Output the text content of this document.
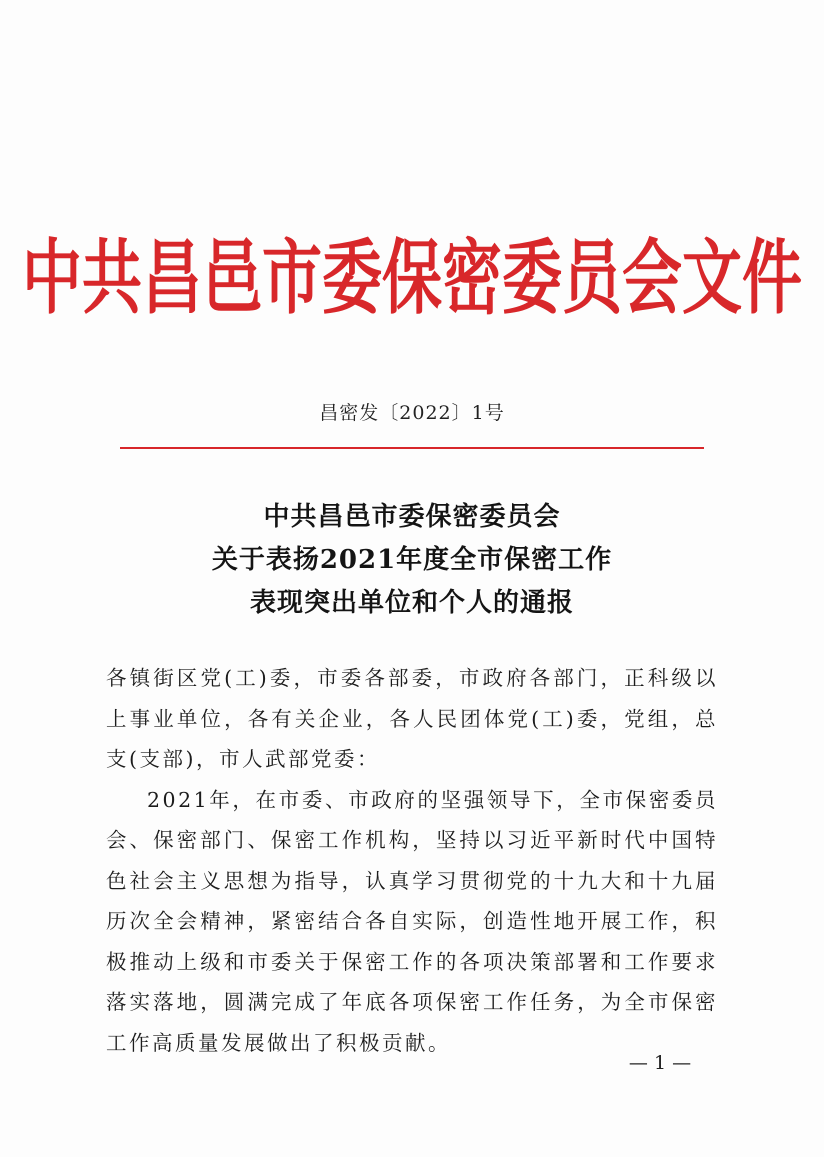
中共昌邑市委保密委员会文件
昌密发〔2022〕1号
中共昌邑市委保密委员会
关于表扬2021年度全市保密工作
表现突出单位和个人的通报

各镇街区党(工)委，市委各部委，市政府各部门，正科级以上事业单位，各有关企业，各人民团体党(工)委，党组，总支(支部)，市人武部党委：

2021年，在市委、市政府的坚强领导下，全市保密委员会、保密部门、保密工作机构，坚持以习近平新时代中国特色社会主义思想为指导，认真学习贯彻党的十九大和十九届历次全会精神，紧密结合各自实际，创造性地开展工作，积极推动上级和市委关于保密工作的各项决策部署和工作要求落实落地，圆满完成了年底各项保密工作任务，为全市保密工作高质量发展做出了积极贡献。

— 1 —
